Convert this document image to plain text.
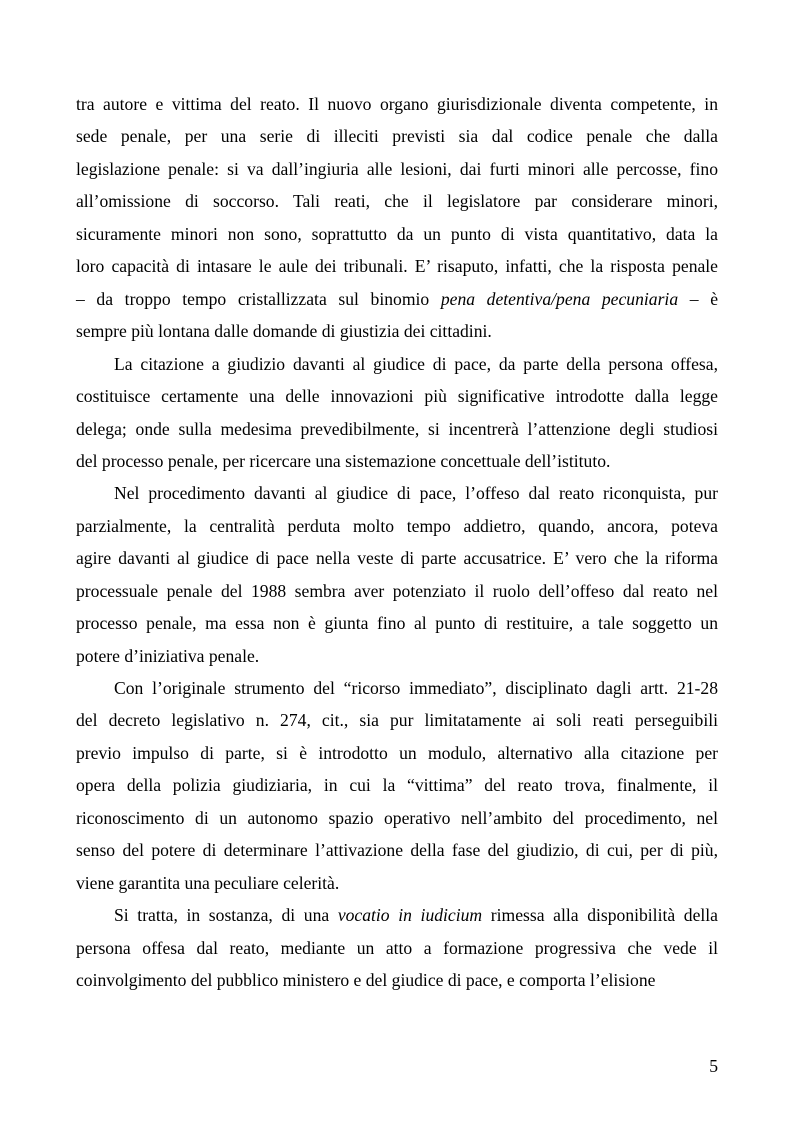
tra autore e vittima del reato. Il nuovo organo giurisdizionale diventa competente, in
sede penale, per una serie di illeciti previsti sia dal codice penale che dalla
legislazione penale: si va dall’ingiuria alle lesioni, dai furti minori alle percosse, fino
all’omissione di soccorso. Tali reati, che il legislatore par considerare minori,
sicuramente minori non sono, soprattutto da un punto di vista quantitativo, data la
loro capacità di intasare le aule dei tribunali. E’ risaputo, infatti, che la risposta penale
– da troppo tempo cristallizzata sul binomio pena detentiva/pena pecuniaria – è
sempre più lontana dalle domande di giustizia dei cittadini.
La citazione a giudizio davanti al giudice di pace, da parte della persona offesa,
costituisce certamente una delle innovazioni più significative introdotte dalla legge
delega; onde sulla medesima prevedibilmente, si incentrerà l’attenzione degli studiosi
del processo penale, per ricercare una sistemazione concettuale dell’istituto.
Nel procedimento davanti al giudice di pace, l’offeso dal reato riconquista, pur
parzialmente, la centralità perduta molto tempo addietro, quando, ancora, poteva
agire davanti al giudice di pace nella veste di parte accusatrice. E’ vero che la riforma
processuale penale del 1988 sembra aver potenziato il ruolo dell’offeso dal reato nel
processo penale, ma essa non è giunta fino al punto di restituire, a tale soggetto un
potere d’iniziativa penale.
Con l’originale strumento del “ricorso immediato”, disciplinato dagli artt. 21-28
del decreto legislativo n. 274, cit., sia pur limitatamente ai soli reati perseguibili
previo impulso di parte, si è introdotto un modulo, alternativo alla citazione per
opera della polizia giudiziaria, in cui la “vittima” del reato trova, finalmente, il
riconoscimento di un autonomo spazio operativo nell’ambito del procedimento, nel
senso del potere di determinare l’attivazione della fase del giudizio, di cui, per di più,
viene garantita una peculiare celerità.
Si tratta, in sostanza, di una vocatio in iudicium rimessa alla disponibilità della
persona offesa dal reato, mediante un atto a formazione progressiva che vede il
coinvolgimento del pubblico ministero e del giudice di pace, e comporta l’elisione
5
